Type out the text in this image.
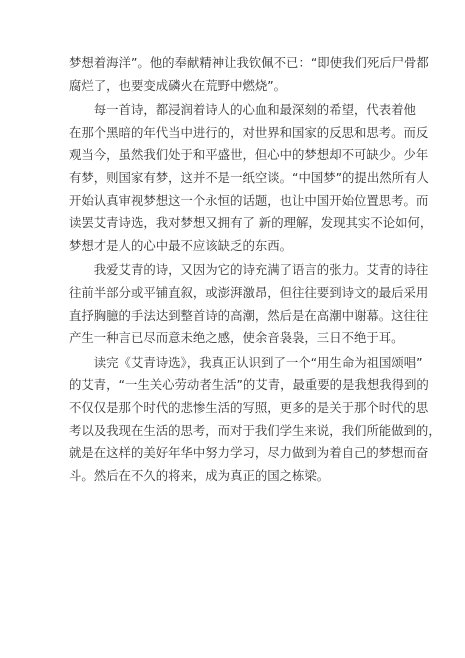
梦想着海洋”。他的奉献精神让我钦佩不已：“即使我们死后尸骨都
腐烂了，也要变成磷火在荒野中燃烧”。
　　每一首诗，都浸润着诗人的心血和最深刻的希望，代表着他
在那个黑暗的年代当中进行的，对世界和国家的反思和思考。而反
观当今，虽然我们处于和平盛世，但心中的梦想却不可缺少。少年
有梦，则国家有梦，这并不是一纸空谈。“中国梦”的提出然所有人
开始认真审视梦想这一个永恒的话题，也让中国开始位置思考。而
读罢艾青诗选，我对梦想又拥有了 新的理解，发现其实不论如何，
梦想才是人的心中最不应该缺乏的东西。
　　我爱艾青的诗，又因为它的诗充满了语言的张力。艾青的诗往
往前半部分或平铺直叙，或澎湃激昂，但往往要到诗文的最后采用
直抒胸臆的手法达到整首诗的高潮，然后是在高潮中谢幕。这往往
产生一种言已尽而意未绝之感，使余音袅袅，三日不绝于耳。
　　读完《艾青诗选》，我真正认识到了一个“用生命为祖国颂唱”
的艾青，“一生关心劳动者生活”的艾青，最重要的是我想我得到的
不仅仅是那个时代的悲惨生活的写照，更多的是关于那个时代的思
考以及我现在生活的思考，而对于我们学生来说，我们所能做到的，
就是在这样的美好年华中努力学习，尽力做到为着自己的梦想而奋
斗。然后在不久的将来，成为真正的国之栋梁。
